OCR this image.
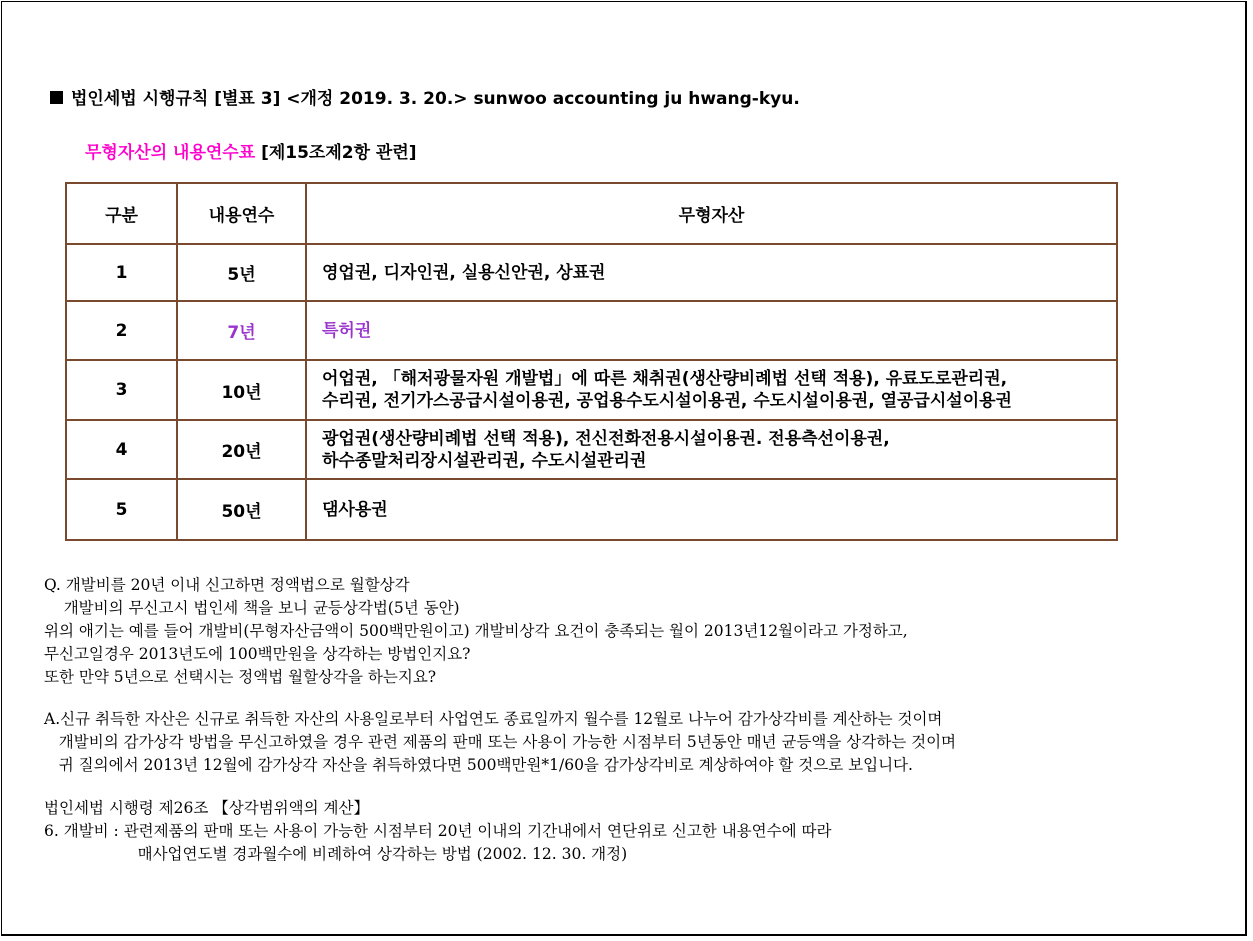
법인세법 시행규칙 [별표 3] <개정 2019. 3. 20.> sunwoo accounting ju hwang-kyu.
무형자산의 내용연수표 [제15조제2항 관련]
구분	내용연수	무형자산
1	5년	영업권, 디자인권, 실용신안권, 상표권

2	7년	특허권

3	10년	어업권, 「해저광물자원 개발법」에 따른 채취권(생산량비례법 선택 적용), 유료도로관리권,
수리권, 전기가스공급시설이용권, 공업용수도시설이용권, 수도시설이용권, 열공급시설이용권

4	20년	광업권(생산량비례법 선택 적용), 전신전화전용시설이용권. 전용측선이용권,
하수종말처리장시설관리권, 수도시설관리권

5	50년	댐사용권
Q. 개발비를 20년 이내 신고하면 정액법으로 월할상각
개발비의 무신고시 법인세 책을 보니 균등상각법(5년 동안)
위의 애기는 예를 들어 개발비(무형자산금액이 500백만원이고) 개발비상각 요건이 충족되는 월이 2013년12월이라고 가정하고,
무신고일경우 2013년도에 100백만원을 상각하는 방법인지요?
또한 만약 5년으로 선택시는 정액법 월할상각을 하는지요?
A.신규 취득한 자산은 신규로 취득한 자산의 사용일로부터 사업연도 종료일까지 월수를 12월로 나누어 감가상각비를 계산하는 것이며
개발비의 감가상각 방법을 무신고하였을 경우 관련 제품의 판매 또는 사용이 가능한 시점부터 5년동안 매년 균등액을 상각하는 것이며
귀 질의에서 2013년 12월에 감가상각 자산을 취득하였다면 500백만원*1/60을 감가상각비로 계상하여야 할 것으로 보입니다.
법인세법 시행령 제26조 【상각범위액의 계산】
6. 개발비 : 관련제품의 판매 또는 사용이 가능한 시점부터 20년 이내의 기간내에서 연단위로 신고한 내용연수에 따라
매사업연도별 경과월수에 비례하여 상각하는 방법 (2002. 12. 30. 개정)
